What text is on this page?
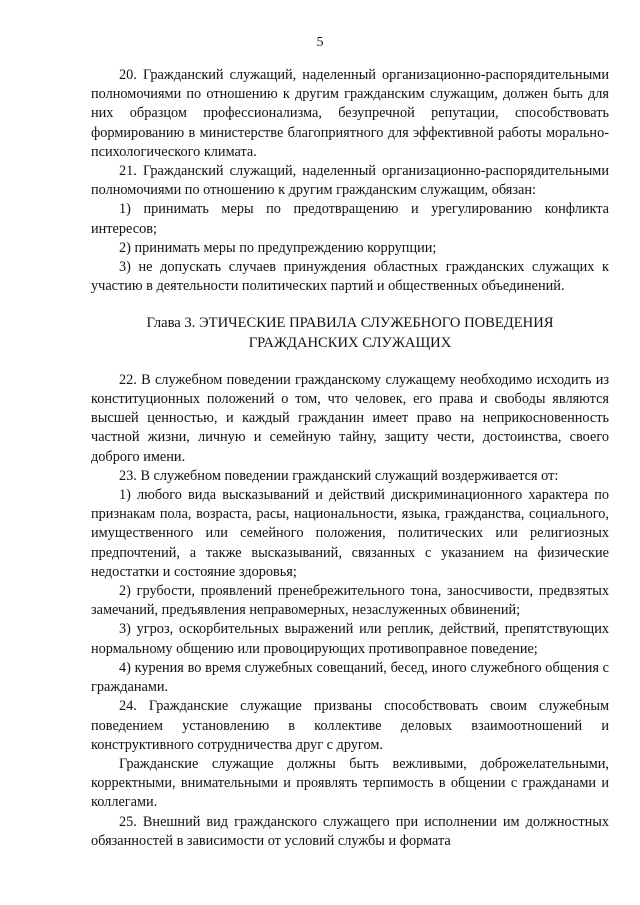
5

20. Гражданский служащий, наделенный организационно-распорядительными полномочиями по отношению к другим гражданским служащим, должен быть для них образцом профессионализма, безупречной репутации, способствовать формированию в министерстве благоприятного для эффективной работы морально-психологического климата.

21. Гражданский служащий, наделенный организационно-распорядительными полномочиями по отношению к другим гражданским служащим, обязан:

1) принимать меры по предотвращению и урегулированию конфликта интересов;

2) принимать меры по предупреждению коррупции;

3) не допускать случаев принуждения областных гражданских служащих к участию в деятельности политических партий и общественных объединений.

Глава 3. ЭТИЧЕСКИЕ ПРАВИЛА СЛУЖЕБНОГО ПОВЕДЕНИЯ
ГРАЖДАНСКИХ СЛУЖАЩИХ

22. В служебном поведении гражданскому служащему необходимо исходить из конституционных положений о том, что человек, его права и свободы являются высшей ценностью, и каждый гражданин имеет право на неприкосновенность частной жизни, личную и семейную тайну, защиту чести, достоинства, своего доброго имени.

23. В служебном поведении гражданский служащий воздерживается от:

1) любого вида высказываний и действий дискриминационного характера по признакам пола, возраста, расы, национальности, языка, гражданства, социального, имущественного или семейного положения, политических или религиозных предпочтений, а также высказываний, связанных с указанием на физические недостатки и состояние здоровья;

2) грубости, проявлений пренебрежительного тона, заносчивости, предвзятых замечаний, предъявления неправомерных, незаслуженных обвинений;

3) угроз, оскорбительных выражений или реплик, действий, препятствующих нормальному общению или провоцирующих противоправное поведение;

4) курения во время служебных совещаний, бесед, иного служебного общения с гражданами.

24. Гражданские служащие призваны способствовать своим служебным поведением установлению в коллективе деловых взаимоотношений и конструктивного сотрудничества друг с другом.

Гражданские служащие должны быть вежливыми, доброжелательными, корректными, внимательными и проявлять терпимость в общении с гражданами и коллегами.

25. Внешний вид гражданского служащего при исполнении им должностных обязанностей в зависимости от условий службы и формата
